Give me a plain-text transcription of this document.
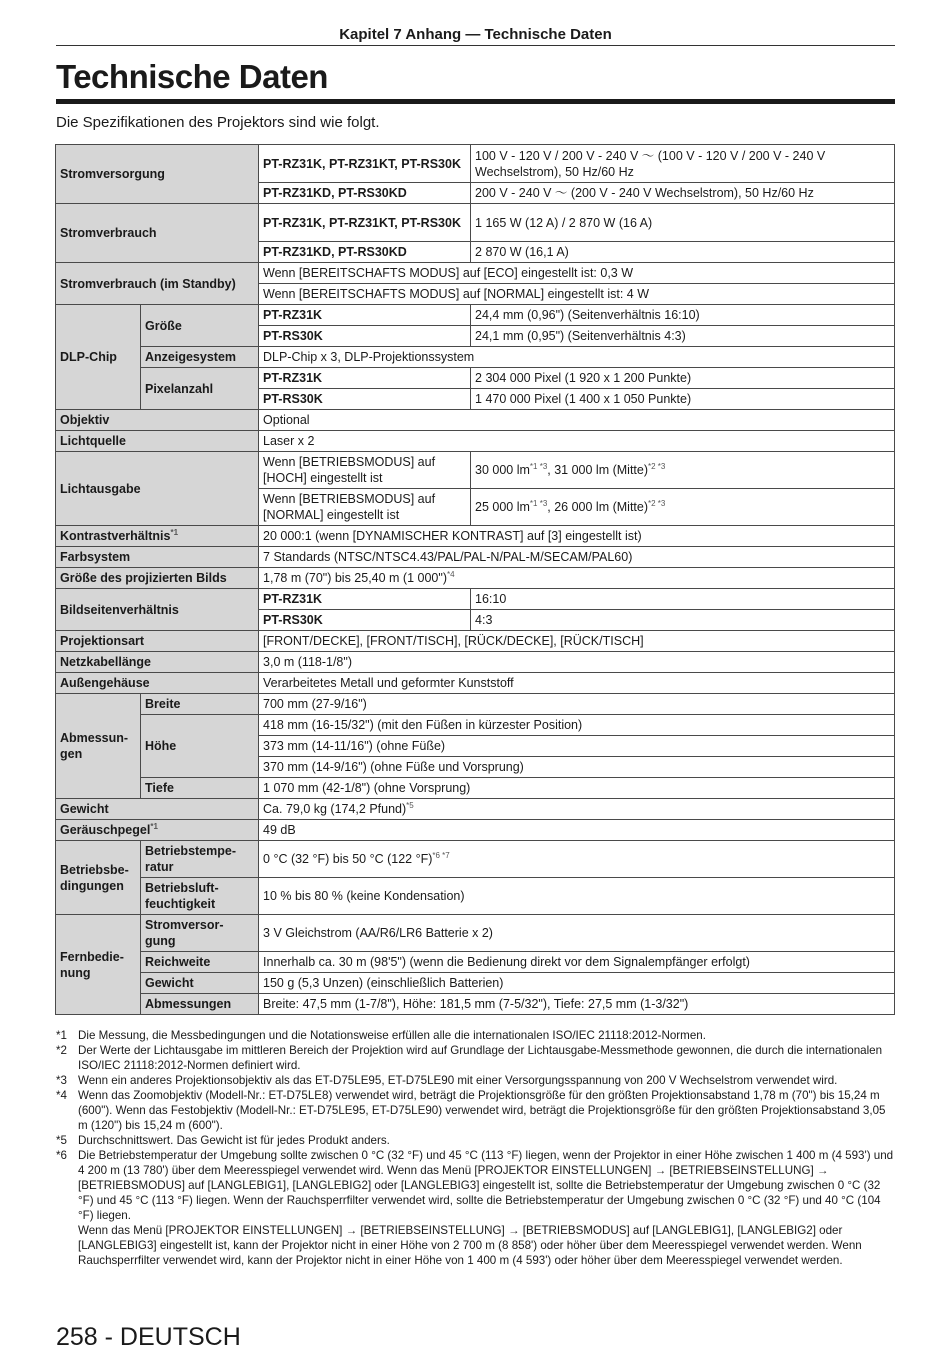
Kapitel 7 Anhang — Technische Daten
Technische Daten
Die Spezifikationen des Projektors sind wie folgt.
Stromversorgung		PT-RZ31K, PT-RZ31KT, PT-RS30K	100 V - 120 V / 200 V - 240 V ～ (100 V - 120 V / 200 V - 240 V Wechselstrom), 50 Hz/60 Hz
		PT-RZ31KD, PT-RS30KD	200 V - 240 V ～ (200 V - 240 V Wechselstrom), 50 Hz/60 Hz
Stromverbrauch		PT-RZ31K, PT-RZ31KT, PT-RS30K	1 165 W (12 A) / 2 870 W (16 A)
		PT-RZ31KD, PT-RS30KD	2 870 W (16,1 A)
Stromverbrauch (im Standby)		Wenn [BEREITSCHAFTS MODUS] auf [ECO] eingestellt ist: 0,3 W	
		Wenn [BEREITSCHAFTS MODUS] auf [NORMAL] eingestellt ist: 4 W	
DLP-Chip	Größe	PT-RZ31K	24,4 mm (0,96") (Seitenverhältnis 16:10)
		PT-RS30K	24,1 mm (0,95") (Seitenverhältnis 4:3)
	Anzeigesystem	DLP-Chip x 3, DLP-Projektionssystem	
	Pixelanzahl	PT-RZ31K	2 304 000 Pixel (1 920 x 1 200 Punkte)
		PT-RS30K	1 470 000 Pixel (1 400 x 1 050 Punkte)
Objektiv		Optional	
Lichtquelle		Laser x 2	
Lichtausgabe		Wenn [BETRIEBSMODUS] auf [HOCH] eingestellt ist	30 000 $lm^{*1 *3}$, 31 000 lm (Mitte)$^{*2 *3}$
		Wenn [BETRIEBSMODUS] auf [NORMAL] eingestellt ist	25 000 $lm^{*1 *3}$, 26 000 lm (Mitte)$^{*2 *3}$
Kontrastverhältnis$^{*1}$		20 000:1 (wenn [DYNAMISCHER KONTRAST] auf [3] eingestellt ist)	
Farbsystem		7 Standards (NTSC/NTSC4.43/PAL/PAL-N/PAL-M/SECAM/PAL60)	
Größe des projizierten Bilds		1,78 m (70") bis 25,40 m (1 000")$^{*4}$
Bildseitenverhältnis		PT-RZ31K	16:10
		PT-RS30K	4:3
Projektionsart		[FRONT/DECKE], [FRONT/TISCH], [RÜCK/DECKE], [RÜCK/TISCH]	
Netzkabellänge		3,0 m (118-1/8")	
Außengehäuse		Verarbeitetes Metall und geformter Kunststoff	
Abmessun-gen	Breite	700 mm (27-9/16")	
	Höhe	418 mm (16-15/32") (mit den Füßen in kürzester Position)	
		373 mm (14-11/16") (ohne Füße)	
		370 mm (14-9/16") (ohne Füße und Vorsprung)	
	Tiefe	1 070 mm (42-1/8") (ohne Vorsprung)	
Gewicht		Ca. 79,0 kg (174,2 Pfund)$^{*5}$
Geräuschpegel$^{*1}$		49 dB	
Betriebsbe-dingungen	Betriebstempe-ratur	0 °C (32 °F) bis 50 °C (122 °F)$^{*6 *7}$
	Betriebsluft-feuchtigkeit	10 % bis 80 % (keine Kondensation)	
Fernbedie-nung	Stromversor-gung	3 V Gleichstrom (AA/R6/LR6 Batterie x 2)	
	Reichweite	Innerhalb ca. 30 m (98'5") (wenn die Bedienung direkt vor dem Signalempfänger erfolgt)	
	Gewicht	150 g (5,3 Unzen) (einschließlich Batterien)	
	Abmessungen	Breite: 47,5 mm (1-7/8"), Höhe: 181,5 mm (7-5/32"), Tiefe: 27,5 mm (1-3/32")	
*1 Die Messung, die Messbedingungen und die Notationsweise erfüllen alle die internationalen ISO/IEC 21118:2012-Normen.
*2 Der Werte der Lichtausgabe im mittleren Bereich der Projektion wird auf Grundlage der Lichtausgabe-Messmethode gewonnen, die durch die internationalen ISO/IEC 21118:2012-Normen definiert wird.
*3 Wenn ein anderes Projektionsobjektiv als das ET-D75LE95, ET-D75LE90 mit einer Versorgungsspannung von 200 V Wechselstrom verwendet wird.
*4 Wenn das Zoomobjektiv (Modell-Nr.: ET-D75LE8) verwendet wird, beträgt die Projektionsgröße für den größten Projektionsabstand 1,78 m (70") bis 15,24 m (600"). Wenn das Festobjektiv (Modell-Nr.: ET-D75LE95, ET-D75LE90) verwendet wird, beträgt die Projektionsgröße für den größten Projektionsabstand 3,05 m (120") bis 15,24 m (600").
*5 Durchschnittswert. Das Gewicht ist für jedes Produkt anders.
*6 Die Betriebstemperatur der Umgebung sollte zwischen 0 °C (32 °F) und 45 °C (113 °F) liegen, wenn der Projektor in einer Höhe zwischen 1 400 m (4 593') und 4 200 m (13 780') über dem Meeresspiegel verwendet wird. Wenn das Menü [PROJEKTOR EINSTELLUNGEN] → [BETRIEBSEINSTELLUNG] → [BETRIEBSMODUS] auf [LANGLEBIG1], [LANGLEBIG2] oder [LANGLEBIG3] eingestellt ist, sollte die Betriebstemperatur der Umgebung zwischen 0 °C (32 °F) und 45 °C (113 °F) liegen. Wenn der Rauchsperrfilter verwendet wird, sollte die Betriebstemperatur der Umgebung zwischen 0 °C (32 °F) und 40 °C (104 °F) liegen.
Wenn das Menü [PROJEKTOR EINSTELLUNGEN] → [BETRIEBSEINSTELLUNG] → [BETRIEBSMODUS] auf [LANGLEBIG1], [LANGLEBIG2] oder [LANGLEBIG3] eingestellt ist, kann der Projektor nicht in einer Höhe von 2 700 m (8 858') oder höher über dem Meeresspiegel verwendet werden. Wenn Rauchsperrfilter verwendet wird, kann der Projektor nicht in einer Höhe von 1 400 m (4 593') oder höher über dem Meeresspiegel verwendet werden.
258 - DEUTSCH
